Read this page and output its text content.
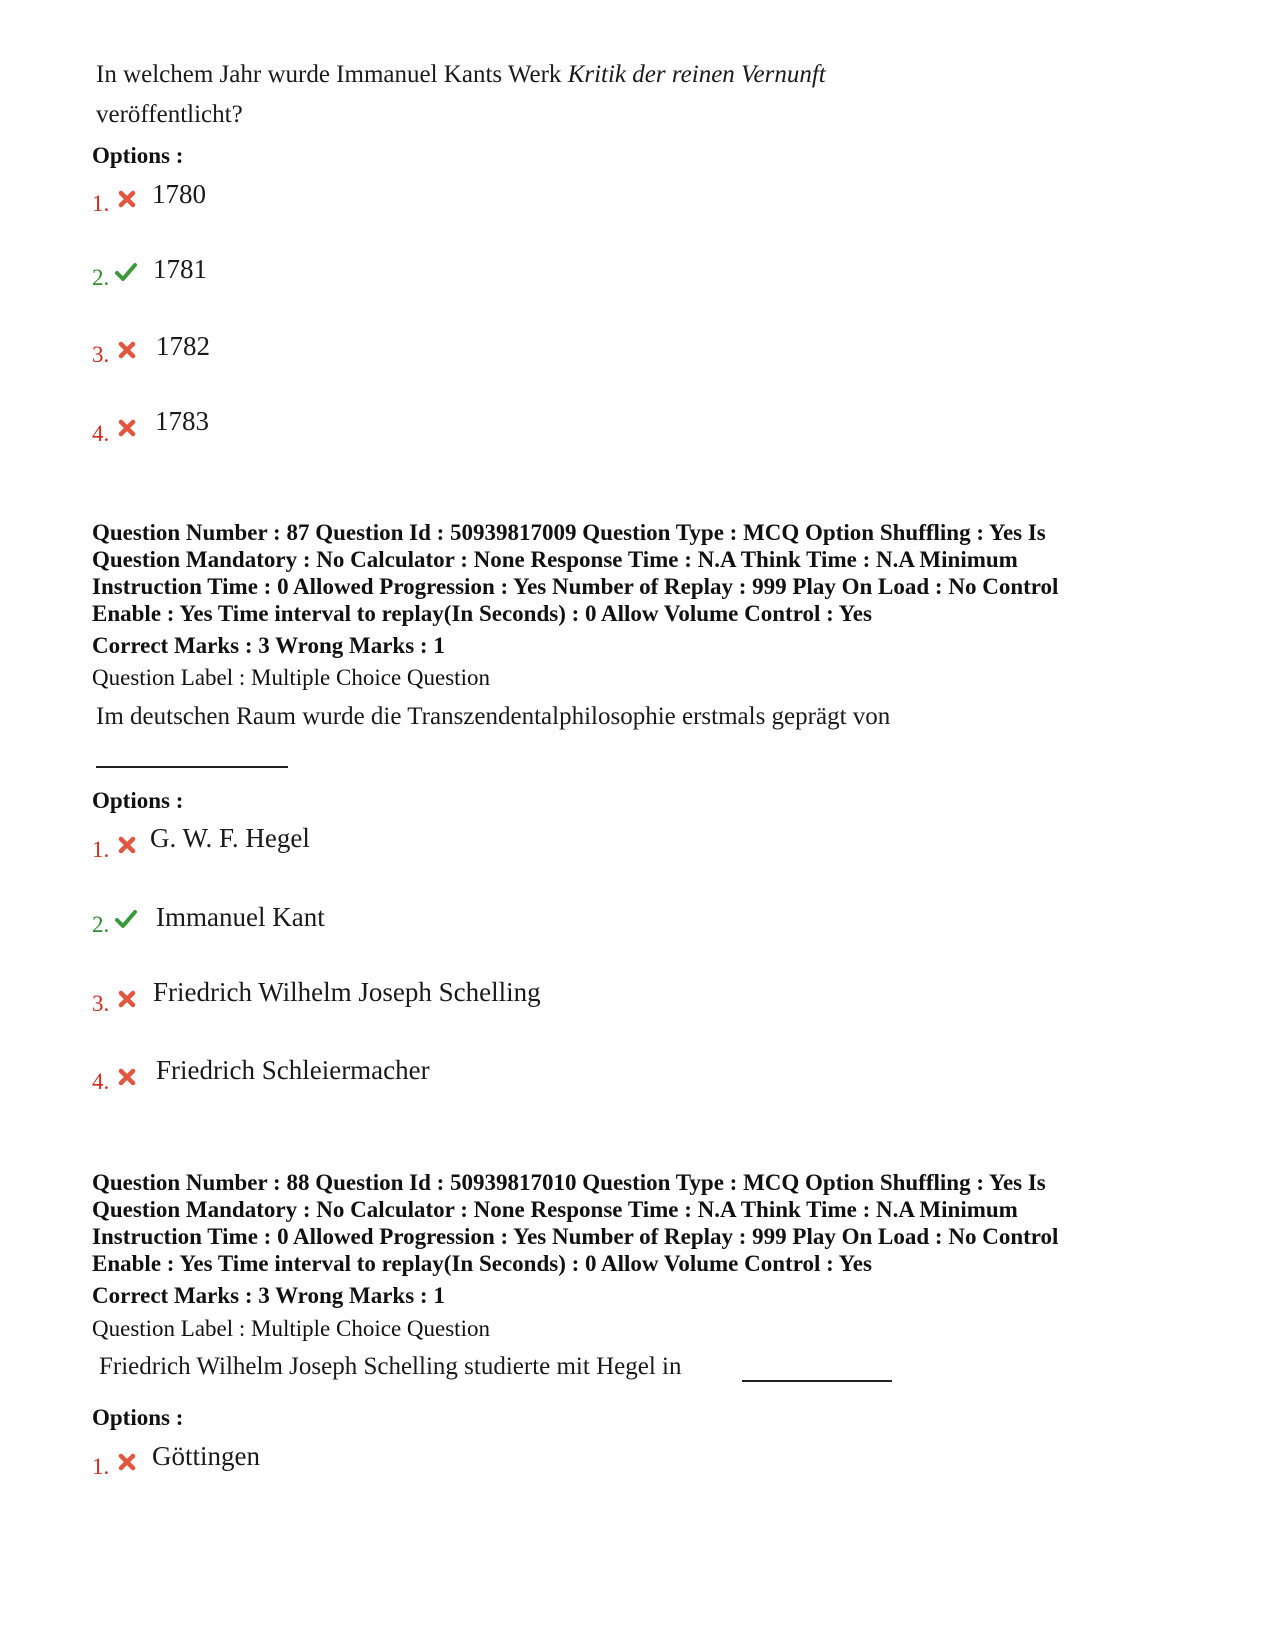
In welchem Jahr wurde Immanuel Kants Werk Kritik der reinen Vernunft
veröffentlicht?
Options :
1. 1780
2. 1781
3. 1782
4. 1783
Question Number : 87 Question Id : 50939817009 Question Type : MCQ Option Shuffling : Yes Is
Question Mandatory : No Calculator : None Response Time : N.A Think Time : N.A Minimum
Instruction Time : 0 Allowed Progression : Yes Number of Replay : 999 Play On Load : No Control
Enable : Yes Time interval to replay(In Seconds) : 0 Allow Volume Control : Yes
Correct Marks : 3 Wrong Marks : 1
Question Label : Multiple Choice Question
Im deutschen Raum wurde die Transzendentalphilosophie erstmals geprägt von
Options :
1. G. W. F. Hegel
2. Immanuel Kant
3. Friedrich Wilhelm Joseph Schelling
4. Friedrich Schleiermacher
Question Number : 88 Question Id : 50939817010 Question Type : MCQ Option Shuffling : Yes Is
Question Mandatory : No Calculator : None Response Time : N.A Think Time : N.A Minimum
Instruction Time : 0 Allowed Progression : Yes Number of Replay : 999 Play On Load : No Control
Enable : Yes Time interval to replay(In Seconds) : 0 Allow Volume Control : Yes
Correct Marks : 3 Wrong Marks : 1
Question Label : Multiple Choice Question
Friedrich Wilhelm Joseph Schelling studierte mit Hegel in
Options :
1. Göttingen
